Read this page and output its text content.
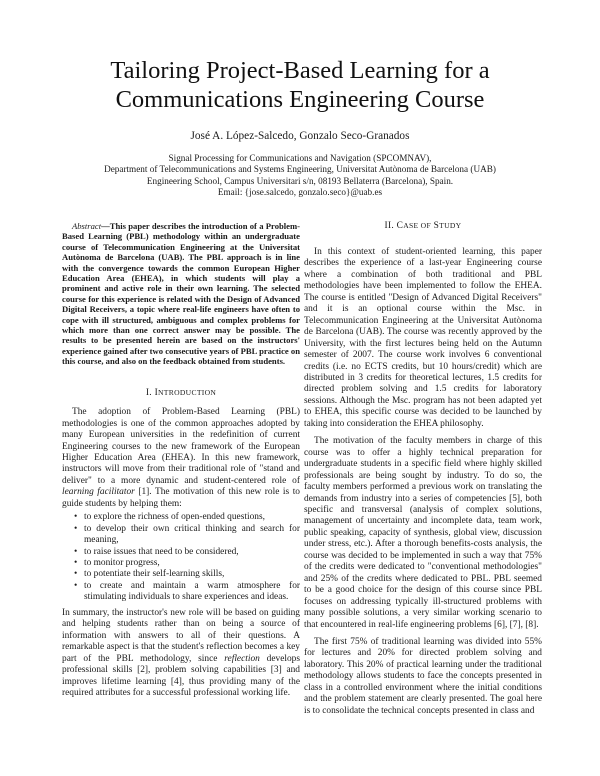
Tailoring Project-Based Learning for a
Communications Engineering Course
José A. López-Salcedo, Gonzalo Seco-Granados
Signal Processing for Communications and Navigation (SPCOMNAV),
Department of Telecommunications and Systems Engineering, Universitat Autònoma de Barcelona (UAB)
Engineering School, Campus Universitari s/n, 08193 Bellaterra (Barcelona), Spain.
Email: {jose.salcedo, gonzalo.seco}@uab.es

Abstract—This paper describes the introduction of a Problem-Based Learning (PBL) methodology within an undergraduate course of Telecommunication Engineering at the Universitat Autònoma de Barcelona (UAB). The PBL approach is in line with the convergence towards the common European Higher Education Area (EHEA), in which students will play a prominent and active role in their own learning. The selected course for this experience is related with the Design of Advanced Digital Receivers, a topic where real-life engineers have often to cope with ill structured, ambiguous and complex problems for which more than one correct answer may be possible. The results to be presented herein are based on the instructors' experience gained after two consecutive years of PBL practice on this course, and also on the feedback obtained from students.

I. INTRODUCTION

The adoption of Problem-Based Learning (PBL) methodologies is one of the common approaches adopted by many European universities in the redefinition of current Engineering courses to the new framework of the European Higher Education Area (EHEA). In this new framework, instructors will move from their traditional role of "stand and deliver" to a more dynamic and student-centered role of learning facilitator [1]. The motivation of this new role is to guide students by helping them:

• to explore the richness of open-ended questions,
• to develop their own critical thinking and search for meaning,
• to raise issues that need to be considered,
• to monitor progress,
• to potentiate their self-learning skills,
• to create and maintain a warm atmosphere for stimulating individuals to share experiences and ideas.

In summary, the instructor's new role will be based on guiding and helping students rather than on being a source of information with answers to all of their questions. A remarkable aspect is that the student's reflection becomes a key part of the PBL methodology, since reflection develops professional skills [2], problem solving capabilities [3] and improves lifetime learning [4], thus providing many of the required attributes for a successful professional working life.

II. CASE OF STUDY

In this context of student-oriented learning, this paper describes the experience of a last-year Engineering course where a combination of both traditional and PBL methodologies have been implemented to follow the EHEA. The course is entitled "Design of Advanced Digital Receivers" and it is an optional course within the Msc. in Telecommunication Engineering at the Universitat Autònoma de Barcelona (UAB). The course was recently approved by the University, with the first lectures being held on the Autumn semester of 2007. The course work involves 6 conventional credits (i.e. no ECTS credits, but 10 hours/credit) which are distributed in 3 credits for theoretical lectures, 1.5 credits for directed problem solving and 1.5 credits for laboratory sessions. Although the Msc. program has not been adapted yet to EHEA, this specific course was decided to be launched by taking into consideration the EHEA philosophy.

The motivation of the faculty members in charge of this course was to offer a highly technical preparation for undergraduate students in a specific field where highly skilled professionals are being sought by industry. To do so, the faculty members performed a previous work on translating the demands from industry into a series of competencies [5], both specific and transversal (analysis of complex solutions, management of uncertainty and incomplete data, team work, public speaking, capacity of synthesis, global view, discussion under stress, etc.). After a thorough benefits-costs analysis, the course was decided to be implemented in such a way that 75% of the credits were dedicated to "conventional methodologies" and 25% of the credits where dedicated to PBL. PBL seemed to be a good choice for the design of this course since PBL focuses on addressing typically ill-structured problems with many possible solutions, a very similar working scenario to that encountered in real-life engineering problems [6], [7], [8].

The first 75% of traditional learning was divided into 55% for lectures and 20% for directed problem solving and laboratory. This 20% of practical learning under the traditional methodology allows students to face the concepts presented in class in a controlled environment where the initial conditions and the problem statement are clearly presented. The goal here is to consolidate the technical concepts presented in class and
